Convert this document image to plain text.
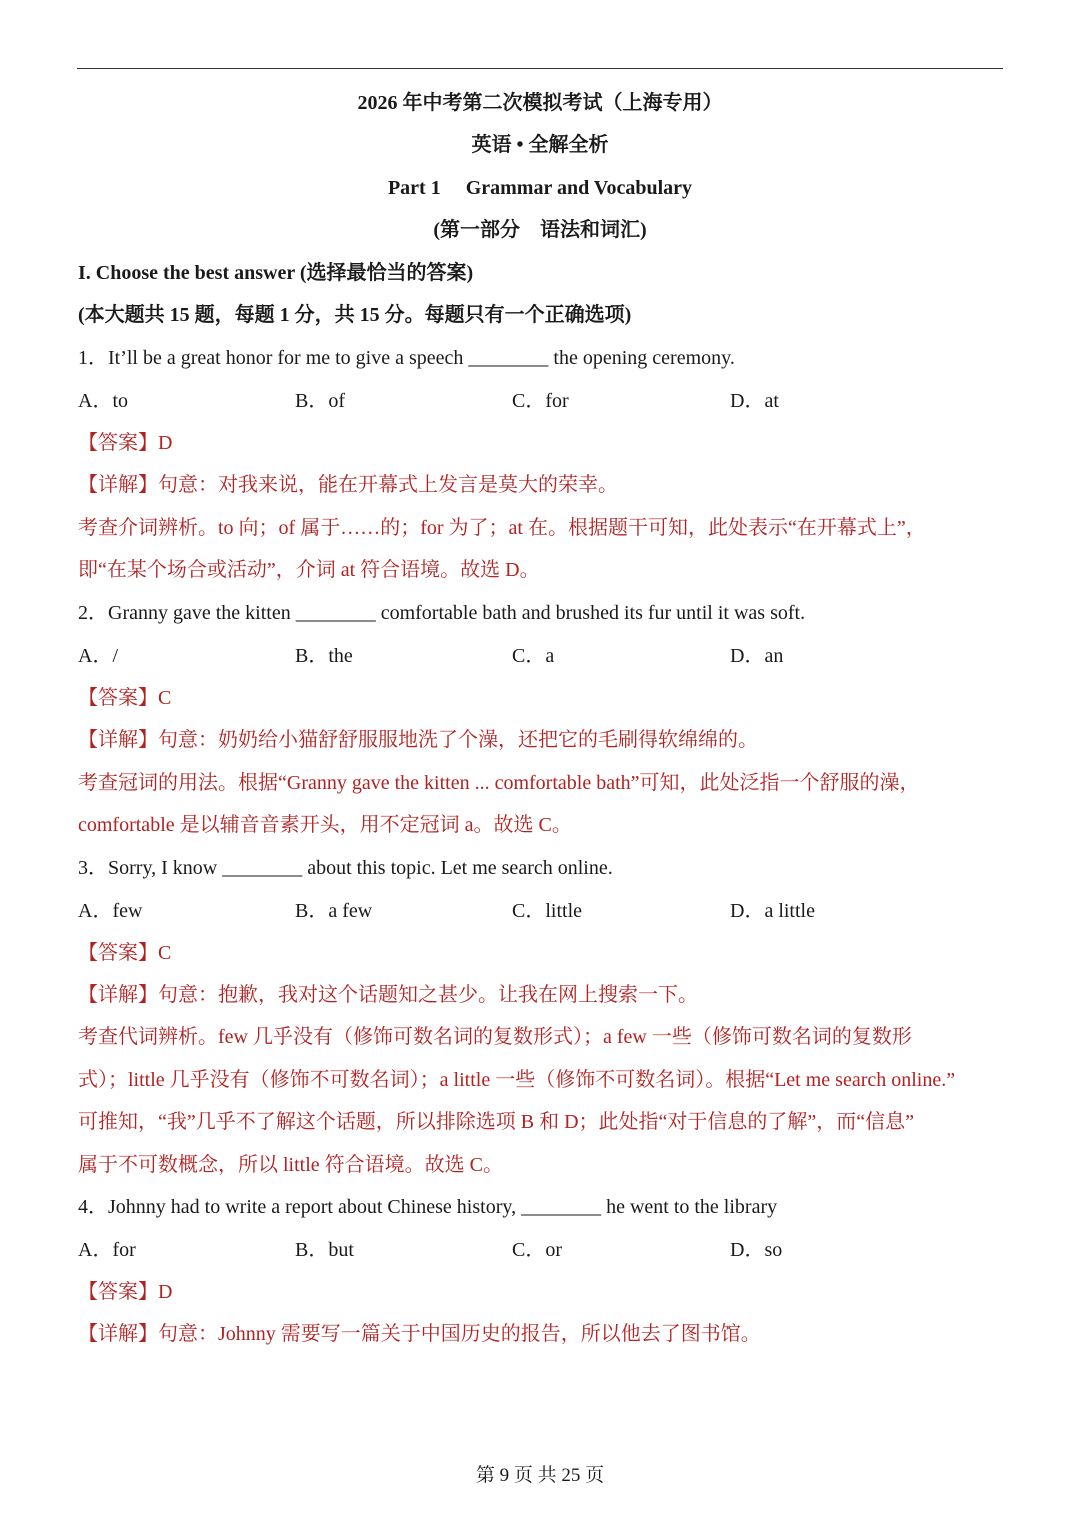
2026 年中考第二次模拟考试（上海专用）
英语 • 全解全析
Part 1　 Grammar and Vocabulary
(第一部分　语法和词汇)
I. Choose the best answer (选择最恰当的答案)
(本大题共 15 题，每题 1 分，共 15 分。每题只有一个正确选项)
1．It’ll be a great honor for me to give a speech ________ the opening ceremony.
A．to	B．of	C．for	D．at
【答案】D
【详解】句意：对我来说，能在开幕式上发言是莫大的荣幸。
考查介词辨析。to 向；of 属于……的；for 为了；at 在。根据题干可知，此处表示“在开幕式上”，
即“在某个场合或活动”，介词 at 符合语境。故选 D。
2．Granny gave the kitten ________ comfortable bath and brushed its fur until it was soft.
A．/	B．the	C．a	D．an
【答案】C
【详解】句意：奶奶给小猫舒舒服服地洗了个澡，还把它的毛刷得软绵绵的。
考查冠词的用法。根据“Granny gave the kitten ... comfortable bath”可知，此处泛指一个舒服的澡，
comfortable 是以辅音音素开头，用不定冠词 a。故选 C。
3．Sorry, I know ________ about this topic. Let me search online.
A．few	B．a few	C．little	D．a little
【答案】C
【详解】句意：抱歉，我对这个话题知之甚少。让我在网上搜索一下。
考查代词辨析。few 几乎没有（修饰可数名词的复数形式）；a few 一些（修饰可数名词的复数形
式）；little 几乎没有（修饰不可数名词）；a little 一些（修饰不可数名词）。根据“Let me search online.”
可推知，“我”几乎不了解这个话题，所以排除选项 B 和 D；此处指“对于信息的了解”，而“信息”
属于不可数概念，所以 little 符合语境。故选 C。
4．Johnny had to write a report about Chinese history, ________ he went to the library
A．for	B．but	C．or	D．so
【答案】D
【详解】句意：Johnny 需要写一篇关于中国历史的报告，所以他去了图书馆。
第 9 页 共 25 页
